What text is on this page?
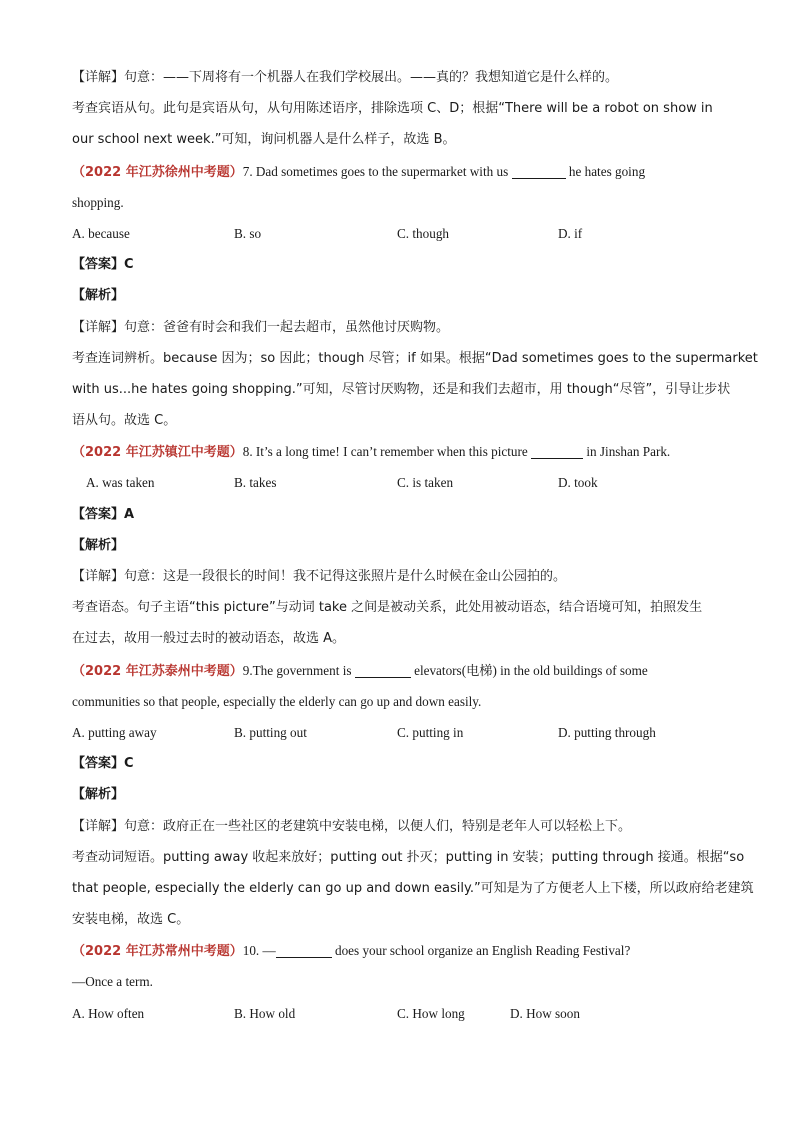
【详解】句意：——下周将有一个机器人在我们学校展出。——真的？我想知道它是什么样的。
考查宾语从句。此句是宾语从句，从句用陈述语序，排除选项 C、D；根据“There will be a robot on show in
our school next week.”可知，询问机器人是什么样子，故选 B。
（2022 年江苏徐州中考题）7. Dad sometimes goes to the supermarket with us	he hates going
shopping.
A. because	B. so	C. though	D. if
【答案】C
【解析】
【详解】句意：爸爸有时会和我们一起去超市，虽然他讨厌购物。
考查连词辨析。because 因为；so 因此；though 尽管；if 如果。根据“Dad sometimes goes to the supermarket
with us...he hates going shopping.”可知，尽管讨厌购物，还是和我们去超市，用 though“尽管”，引导让步状
语从句。故选 C。
（2022 年江苏镇江中考题）8. It’s a long time! I can’t remember when this picture	in Jinshan Park.
A. was taken	B. takes	C. is taken	D. took
【答案】A
【解析】
【详解】句意：这是一段很长的时间！我不记得这张照片是什么时候在金山公园拍的。
考查语态。句子主语“this picture”与动词 take 之间是被动关系，此处用被动语态，结合语境可知，拍照发生
在过去，故用一般过去时的被动语态，故选 A。
（2022 年江苏泰州中考题）9.The government is	elevators(电梯) in the old buildings of some
communities so that people, especially the elderly can go up and down easily.
A. putting away	B. putting out	C. putting in	D. putting through
【答案】C
【解析】
【详解】句意：政府正在一些社区的老建筑中安装电梯，以便人们，特别是老年人可以轻松上下。
考查动词短语。putting away 收起来放好；putting out 扑灭；putting in 安装；putting through 接通。根据“so
that people, especially the elderly can go up and down easily.”可知是为了方便老人上下楼，所以政府给老建筑
安装电梯，故选 C。
（2022 年江苏常州中考题）10. —	does your school organize an English Reading Festival?
—Once a term.
A. How often	B. How old	C. How long	D. How soon
